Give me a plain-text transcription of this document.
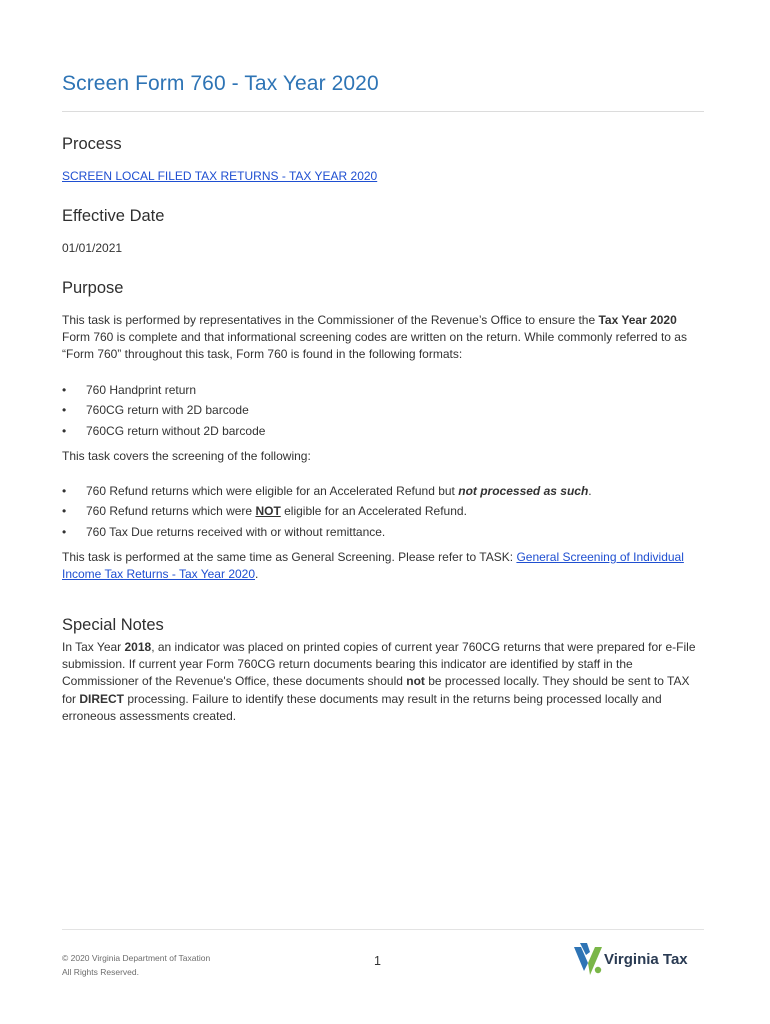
Screen Form 760 - Tax Year 2020
Process

SCREEN LOCAL FILED TAX RETURNS - TAX YEAR 2020

Effective Date

01/01/2021

Purpose

This task is performed by representatives in the Commissioner of the Revenue’s Office to ensure the Tax Year 2020 Form 760 is complete and that informational screening codes are written on the return. While commonly referred to as “Form 760” throughout this task, Form 760 is found in the following formats:

• 760 Handprint return
• 760CG return with 2D barcode
• 760CG return without 2D barcode

This task covers the screening of the following:

• 760 Refund returns which were eligible for an Accelerated Refund but not processed as such.
• 760 Refund returns which were NOT eligible for an Accelerated Refund.
• 760 Tax Due returns received with or without remittance.

This task is performed at the same time as General Screening. Please refer to TASK: General Screening of Individual Income Tax Returns - Tax Year 2020.

Special Notes

In Tax Year 2018, an indicator was placed on printed copies of current year 760CG returns that were prepared for e-File submission. If current year Form 760CG return documents bearing this indicator are identified by staff in the Commissioner of the Revenue's Office, these documents should not be processed locally. They should be sent to TAX for DIRECT processing. Failure to identify these documents may result in the returns being processed locally and erroneous assessments created.

© 2020 Virginia Department of Taxation
All Rights Reserved.
1	Virginia Tax
